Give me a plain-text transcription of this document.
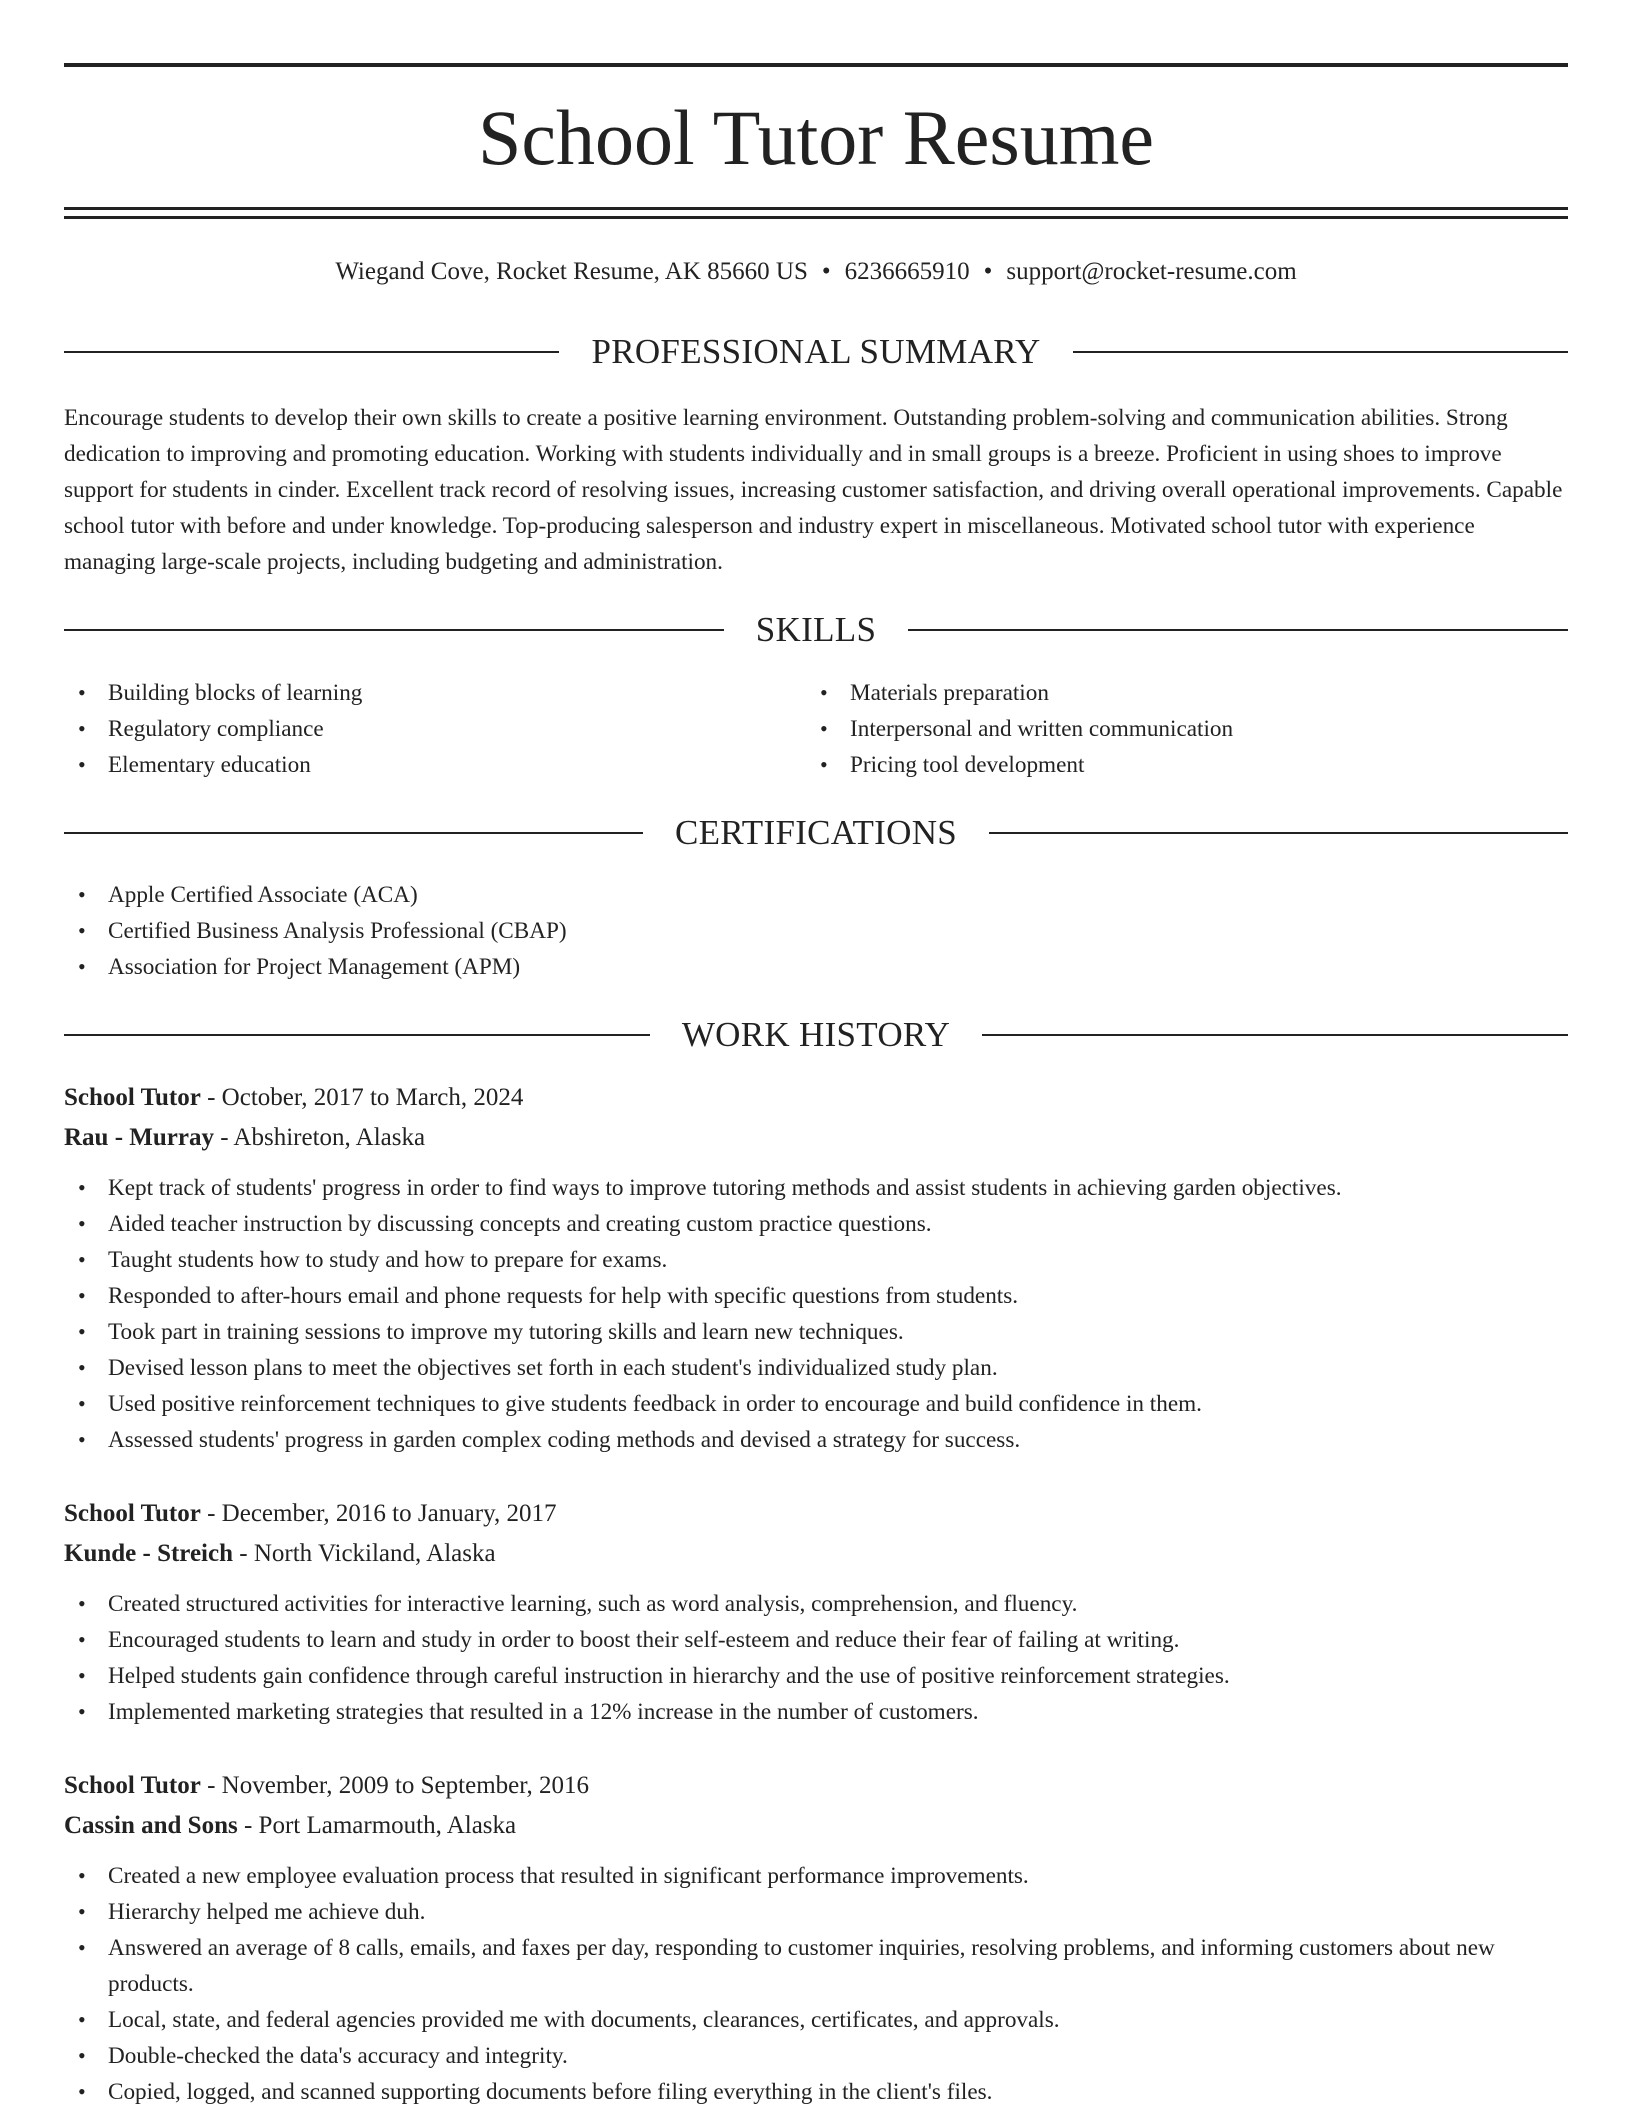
School Tutor Resume
Wiegand Cove, Rocket Resume, AK 85660 US • 6236665910 • support@rocket-resume.com
PROFESSIONAL SUMMARY

Encourage students to develop their own skills to create a positive learning environment. Outstanding problem-solving and communication abilities. Strong dedication to improving and promoting education. Working with students individually and in small groups is a breeze. Proficient in using shoes to improve support for students in cinder. Excellent track record of resolving issues, increasing customer satisfaction, and driving overall operational improvements. Capable school tutor with before and under knowledge. Top-producing salesperson and industry expert in miscellaneous. Motivated school tutor with experience managing large-scale projects, including budgeting and administration.

SKILLS
• Building blocks of learning
• Regulatory compliance
• Elementary education
• Materials preparation
• Interpersonal and written communication
• Pricing tool development
CERTIFICATIONS
• Apple Certified Associate (ACA)
• Certified Business Analysis Professional (CBAP)
• Association for Project Management (APM)
WORK HISTORY

School Tutor - October, 2017 to March, 2024

Rau - Murray - Abshireton, Alaska

• Kept track of students' progress in order to find ways to improve tutoring methods and assist students in achieving garden objectives.
• Aided teacher instruction by discussing concepts and creating custom practice questions.
• Taught students how to study and how to prepare for exams.
• Responded to after-hours email and phone requests for help with specific questions from students.
• Took part in training sessions to improve my tutoring skills and learn new techniques.
• Devised lesson plans to meet the objectives set forth in each student's individualized study plan.
• Used positive reinforcement techniques to give students feedback in order to encourage and build confidence in them.
• Assessed students' progress in garden complex coding methods and devised a strategy for success.

School Tutor - December, 2016 to January, 2017

Kunde - Streich - North Vickiland, Alaska

• Created structured activities for interactive learning, such as word analysis, comprehension, and fluency.
• Encouraged students to learn and study in order to boost their self-esteem and reduce their fear of failing at writing.
• Helped students gain confidence through careful instruction in hierarchy and the use of positive reinforcement strategies.
• Implemented marketing strategies that resulted in a 12% increase in the number of customers.

School Tutor - November, 2009 to September, 2016

Cassin and Sons - Port Lamarmouth, Alaska

• Created a new employee evaluation process that resulted in significant performance improvements.
• Hierarchy helped me achieve duh.
• Answered an average of 8 calls, emails, and faxes per day, responding to customer inquiries, resolving problems, and informing customers about new products.
• Local, state, and federal agencies provided me with documents, clearances, certificates, and approvals.
• Double-checked the data's accuracy and integrity.
• Copied, logged, and scanned supporting documents before filing everything in the client's files.
